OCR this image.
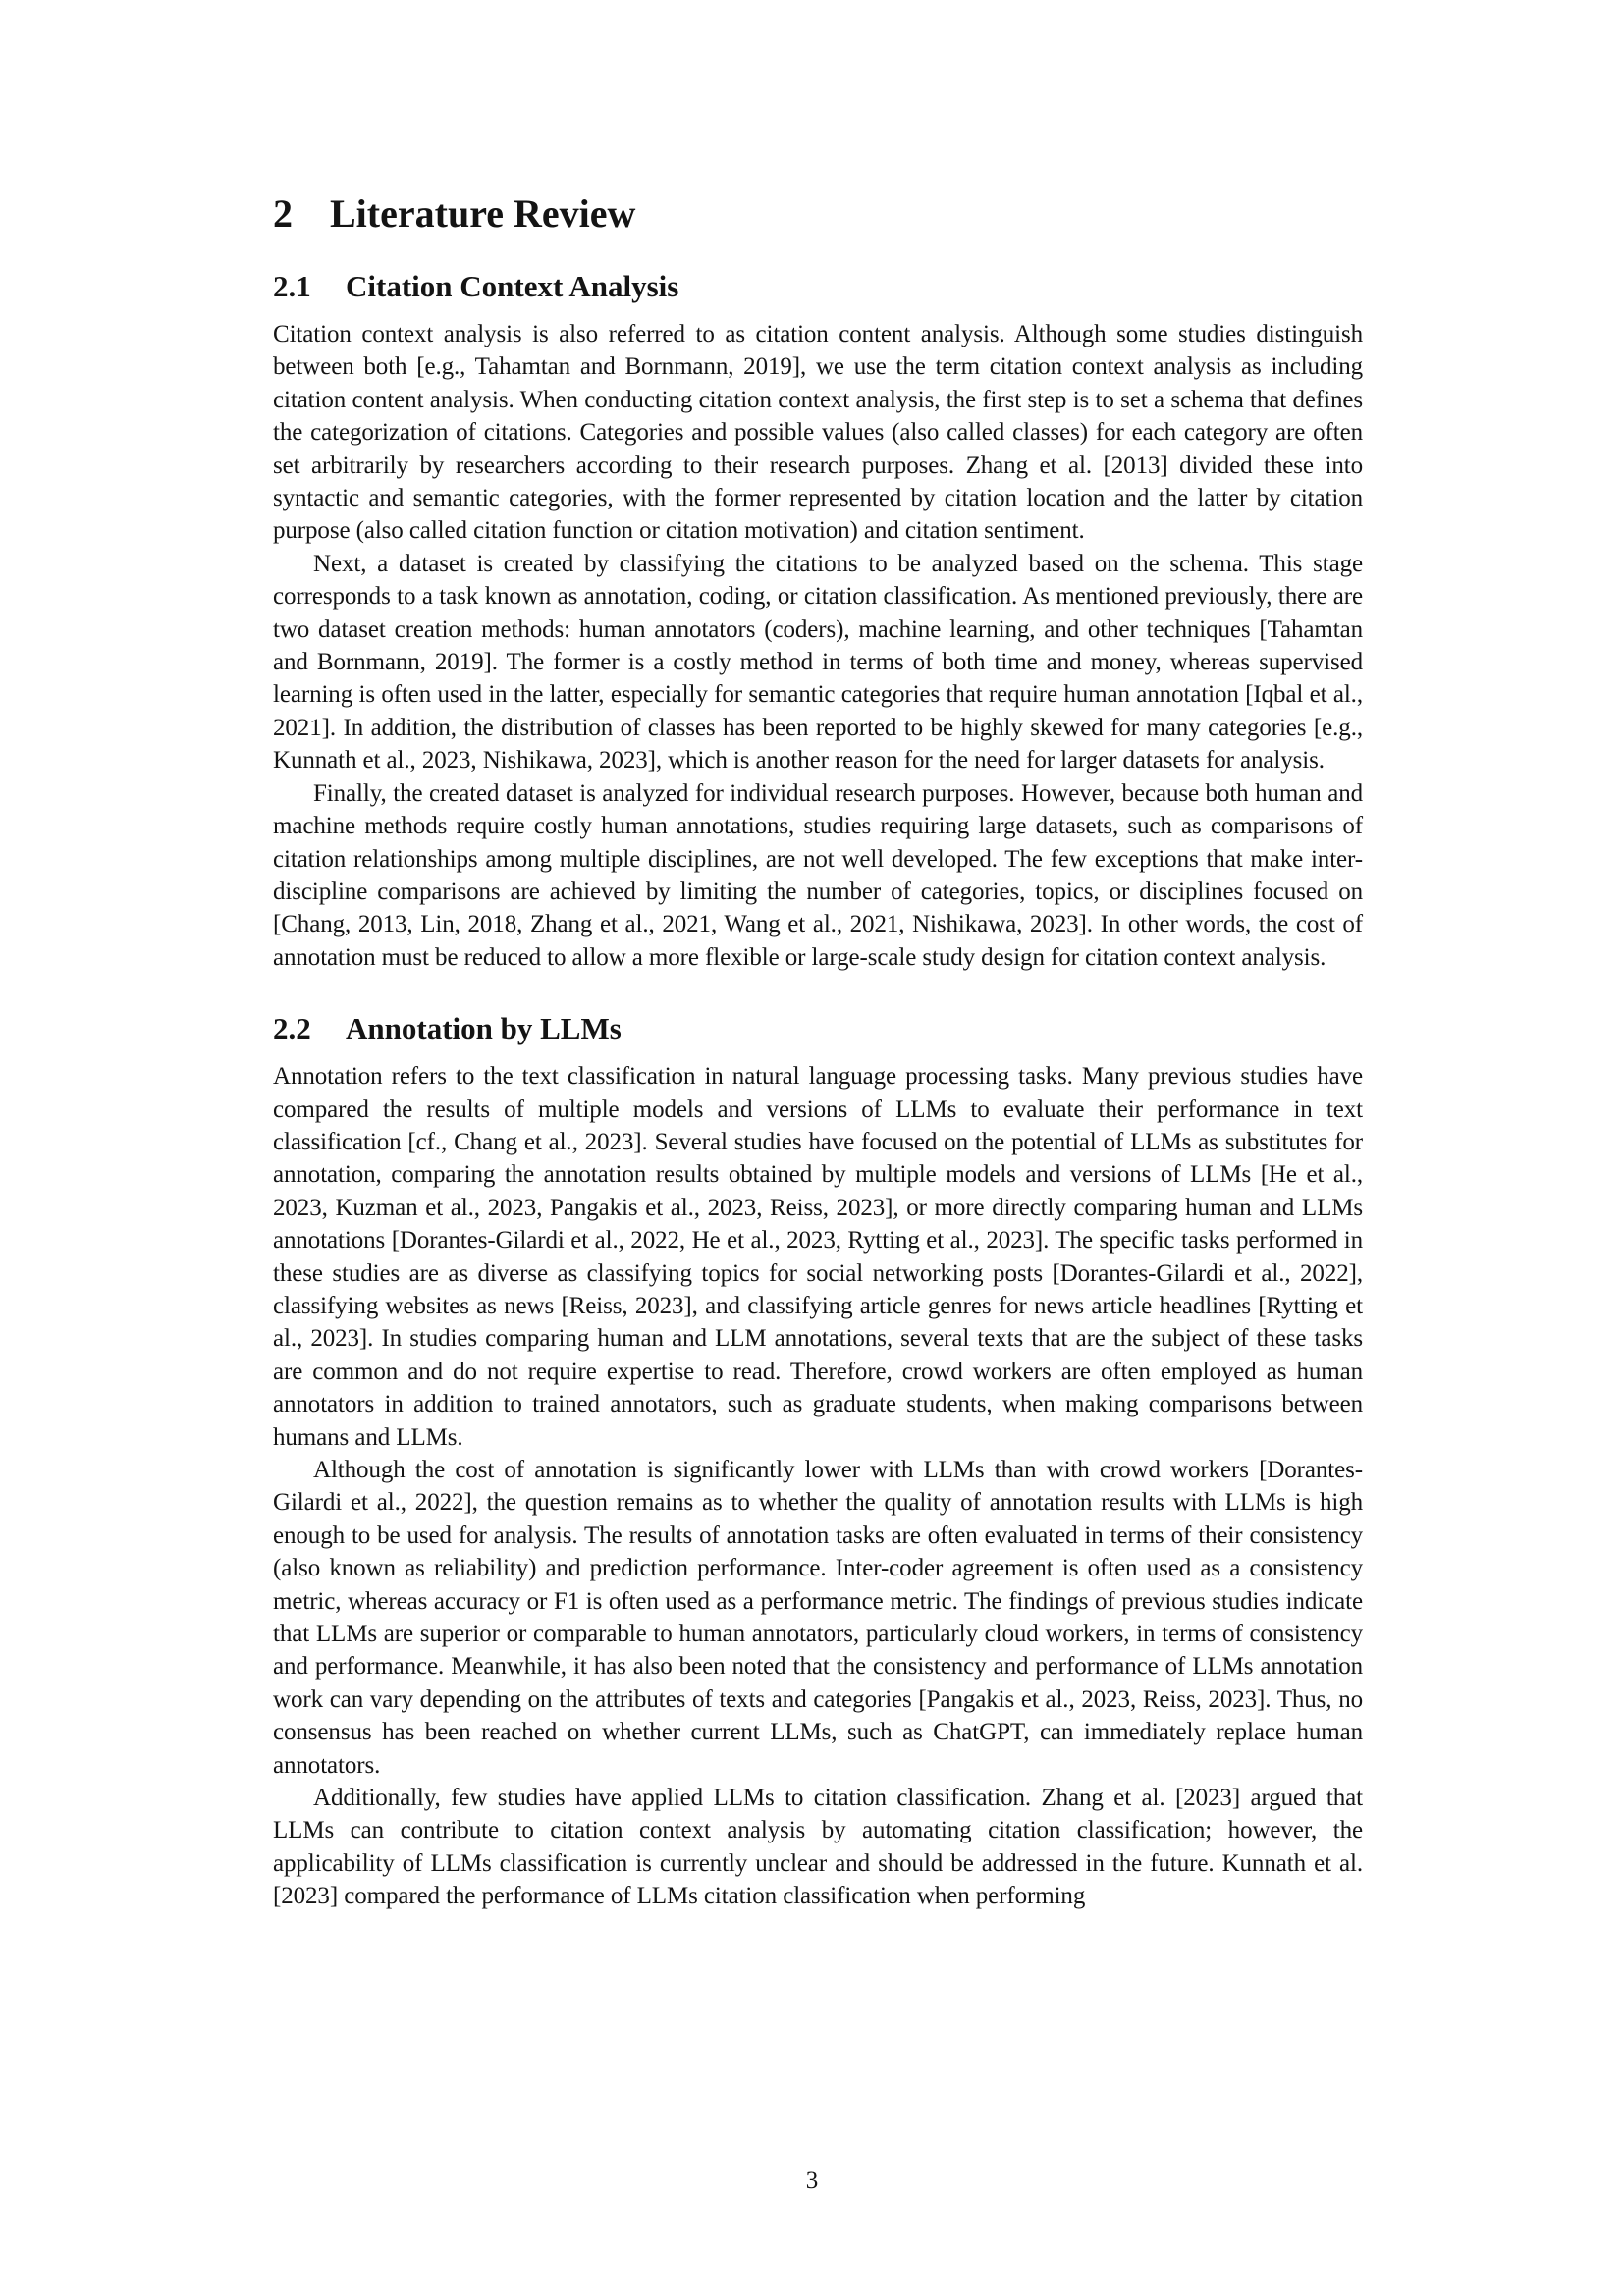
2 Literature Review
2.1 Citation Context Analysis

Citation context analysis is also referred to as citation content analysis. Although some studies distinguish between both [e.g., Tahamtan and Bornmann, 2019], we use the term citation context analysis as including citation content analysis. When conducting citation context analysis, the first step is to set a schema that defines the categorization of citations. Categories and possible values (also called classes) for each category are often set arbitrarily by researchers according to their research purposes. Zhang et al. [2013] divided these into syntactic and semantic categories, with the former represented by citation location and the latter by citation purpose (also called citation function or citation motivation) and citation sentiment.

Next, a dataset is created by classifying the citations to be analyzed based on the schema. This stage corresponds to a task known as annotation, coding, or citation classification. As mentioned previously, there are two dataset creation methods: human annotators (coders), machine learning, and other techniques [Tahamtan and Bornmann, 2019]. The former is a costly method in terms of both time and money, whereas supervised learning is often used in the latter, especially for semantic categories that require human annotation [Iqbal et al., 2021]. In addition, the distribution of classes has been reported to be highly skewed for many categories [e.g., Kunnath et al., 2023, Nishikawa, 2023], which is another reason for the need for larger datasets for analysis.

Finally, the created dataset is analyzed for individual research purposes. However, because both human and machine methods require costly human annotations, studies requiring large datasets, such as comparisons of citation relationships among multiple disciplines, are not well developed. The few exceptions that make inter-discipline comparisons are achieved by limiting the number of categories, topics, or disciplines focused on [Chang, 2013, Lin, 2018, Zhang et al., 2021, Wang et al., 2021, Nishikawa, 2023]. In other words, the cost of annotation must be reduced to allow a more flexible or large-scale study design for citation context analysis.

2.2 Annotation by LLMs

Annotation refers to the text classification in natural language processing tasks. Many previous studies have compared the results of multiple models and versions of LLMs to evaluate their performance in text classification [cf., Chang et al., 2023]. Several studies have focused on the potential of LLMs as substitutes for annotation, comparing the annotation results obtained by multiple models and versions of LLMs [He et al., 2023, Kuzman et al., 2023, Pangakis et al., 2023, Reiss, 2023], or more directly comparing human and LLMs annotations [Dorantes-Gilardi et al., 2022, He et al., 2023, Rytting et al., 2023]. The specific tasks performed in these studies are as diverse as classifying topics for social networking posts [Dorantes-Gilardi et al., 2022], classifying websites as news [Reiss, 2023], and classifying article genres for news article headlines [Rytting et al., 2023]. In studies comparing human and LLM annotations, several texts that are the subject of these tasks are common and do not require expertise to read. Therefore, crowd workers are often employed as human annotators in addition to trained annotators, such as graduate students, when making comparisons between humans and LLMs.

Although the cost of annotation is significantly lower with LLMs than with crowd workers [Dorantes-Gilardi et al., 2022], the question remains as to whether the quality of annotation results with LLMs is high enough to be used for analysis. The results of annotation tasks are often evaluated in terms of their consistency (also known as reliability) and prediction performance. Inter-coder agreement is often used as a consistency metric, whereas accuracy or F1 is often used as a performance metric. The findings of previous studies indicate that LLMs are superior or comparable to human annotators, particularly cloud workers, in terms of consistency and performance. Meanwhile, it has also been noted that the consistency and performance of LLMs annotation work can vary depending on the attributes of texts and categories [Pangakis et al., 2023, Reiss, 2023]. Thus, no consensus has been reached on whether current LLMs, such as ChatGPT, can immediately replace human annotators.

Additionally, few studies have applied LLMs to citation classification. Zhang et al. [2023] argued that LLMs can contribute to citation context analysis by automating citation classification; however, the applicability of LLMs classification is currently unclear and should be addressed in the future. Kunnath et al. [2023] compared the performance of LLMs citation classification when performing

3
